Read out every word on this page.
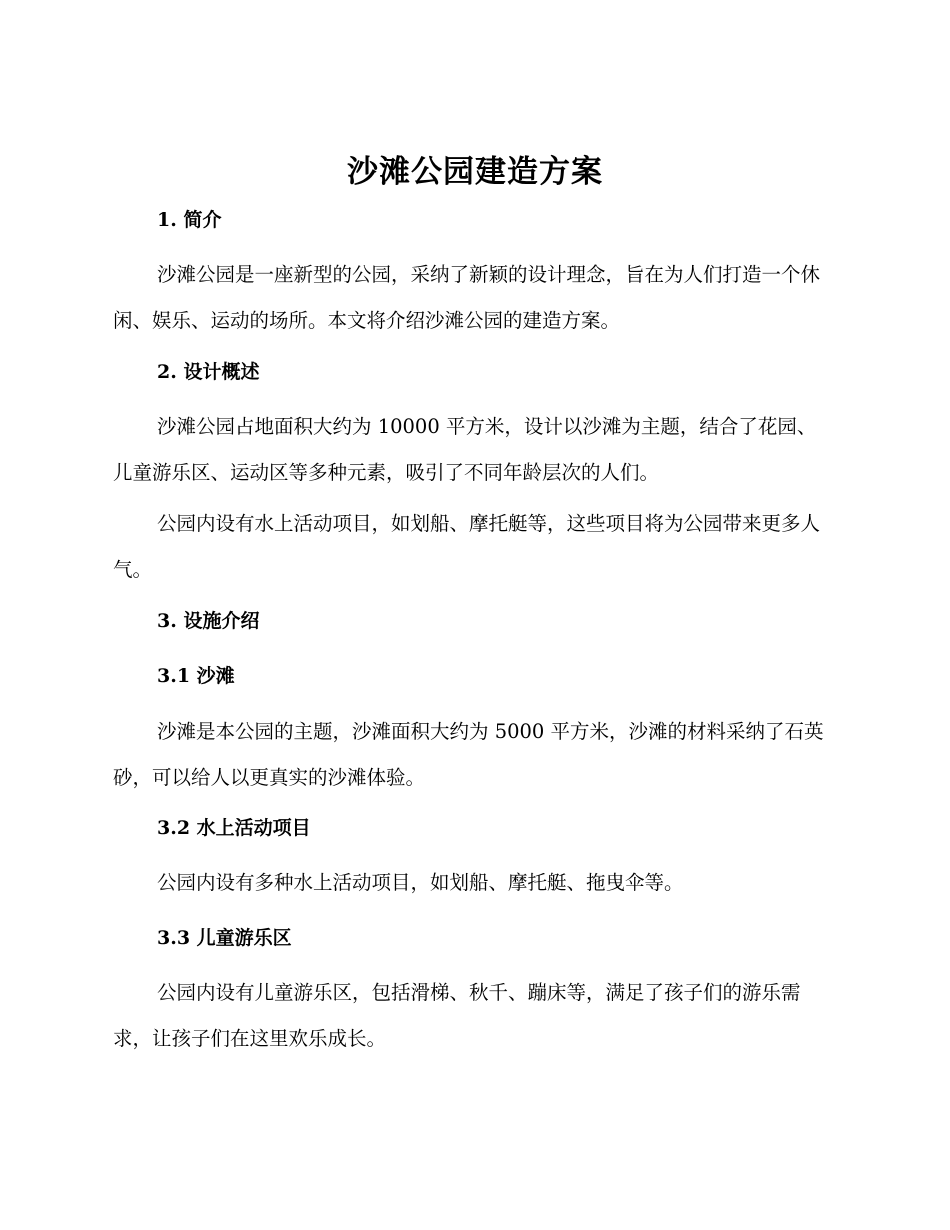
沙滩公园建造方案
1. 简介
沙滩公园是一座新型的公园，采纳了新颖的设计理念，旨在为人们打造一个休闲、娱乐、运动的场所。本文将介绍沙滩公园的建造方案。
2. 设计概述
沙滩公园占地面积大约为 10000 平方米，设计以沙滩为主题，结合了花园、儿童游乐区、运动区等多种元素，吸引了不同年龄层次的人们。
公园内设有水上活动项目，如划船、摩托艇等，这些项目将为公园带来更多人气。
3. 设施介绍
3.1 沙滩
沙滩是本公园的主题，沙滩面积大约为 5000 平方米，沙滩的材料采纳了石英砂，可以给人以更真实的沙滩体验。
3.2 水上活动项目
公园内设有多种水上活动项目，如划船、摩托艇、拖曳伞等。
3.3 儿童游乐区
公园内设有儿童游乐区，包括滑梯、秋千、蹦床等，满足了孩子们的游乐需求，让孩子们在这里欢乐成长。
